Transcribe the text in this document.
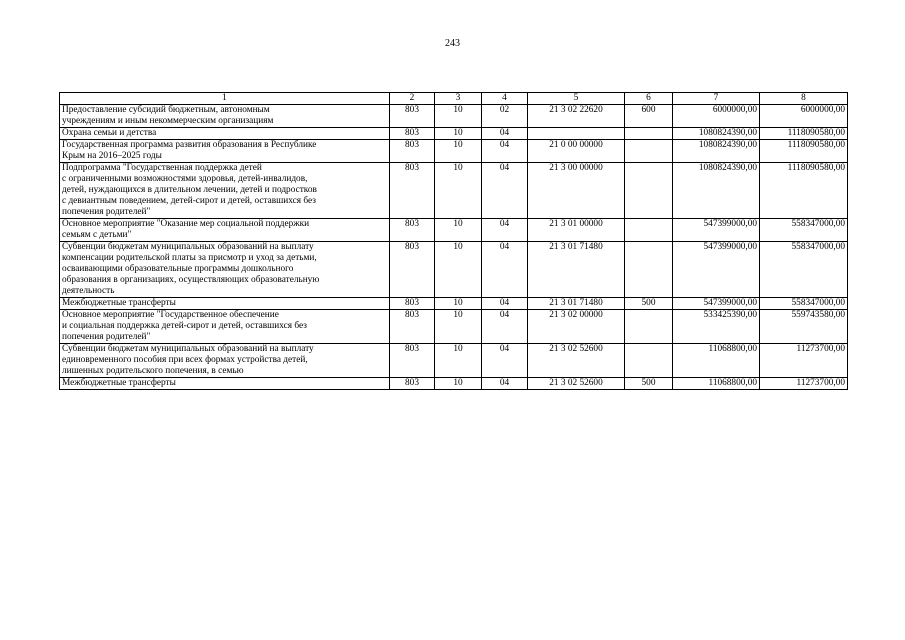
243
1	2	3	4	5	6	7	8
Предоставление субсидий бюджетным, автономным
учреждениям и иным некоммерческим организациям	803	10	02	21 3 02 22620	600	6000000,00	6000000,00
Охрана семьи и детства	803	10	04			1080824390,00	1118090580,00
Государственная программа развития образования в Республике
Крым на 2016–2025 годы	803	10	04	21 0 00 00000		1080824390,00	1118090580,00
Подпрограмма "Государственная поддержка детей
с ограниченными возможностями здоровья, детей-инвалидов,
детей, нуждающихся в длительном лечении, детей и подростков
с девиантным поведением, детей-сирот и детей, оставшихся без
попечения родителей"	803	10	04	21 3 00 00000		1080824390,00	1118090580,00
Основное мероприятие "Оказание мер социальной поддержки
семьям с детьми"	803	10	04	21 3 01 00000		547399000,00	558347000,00
Субвенции бюджетам муниципальных образований на выплату
компенсации родительской платы за присмотр и уход за детьми,
осваивающими образовательные программы дошкольного
образования в организациях, осуществляющих образовательную
деятельность	803	10	04	21 3 01 71480		547399000,00	558347000,00
Межбюджетные трансферты	803	10	04	21 3 01 71480	500	547399000,00	558347000,00
Основное мероприятие "Государственное обеспечение
и социальная поддержка детей-сирот и детей, оставшихся без
попечения родителей"	803	10	04	21 3 02 00000		533425390,00	559743580,00
Субвенции бюджетам муниципальных образований на выплату
единовременного пособия при всех формах устройства детей,
лишенных родительского попечения, в семью	803	10	04	21 3 02 52600		11068800,00	11273700,00
Межбюджетные трансферты	803	10	04	21 3 02 52600	500	11068800,00	11273700,00
